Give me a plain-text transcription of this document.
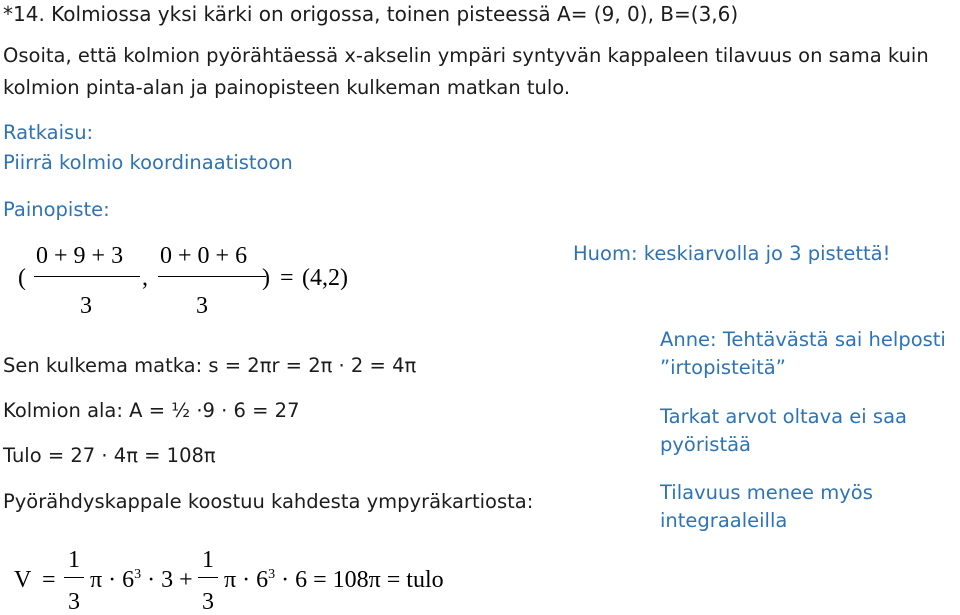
*14. Kolmiossa yksi kärki on origossa, toinen pisteessä A= (9, 0), B=(3,6)
Osoita, että kolmion pyörähtäessä x-akselin ympäri syntyvän kappaleen tilavuus on sama kuin
kolmion pinta-alan ja painopisteen kulkeman matkan tulo.
Ratkaisu:
Piirrä kolmio koordinaatistoon
Painopiste:
(
0 + 9 + 3
3
,
0 + 0 + 6
3
) = (4,2)
Sen kulkema matka: s = 2πr = 2π · 2 = 4π
Kolmion ala: A = ½ ·9 · 6 = 27
Tulo = 27 · 4π = 108π
Pyörähdyskappale koostuu kahdesta ympyräkartiosta:
V =
1
3
$\pi \cdot 6^3 \cdot 3$ +
1
3
$\pi \cdot 6^3 \cdot 6 = 108\pi$ = tulo
Huom: keskiarvolla jo 3 pistettä!
Anne: Tehtävästä sai helposti
”irtopisteitä”
Tarkat arvot oltava ei saa
pyöristää
Tilavuus menee myös
integraaleilla
